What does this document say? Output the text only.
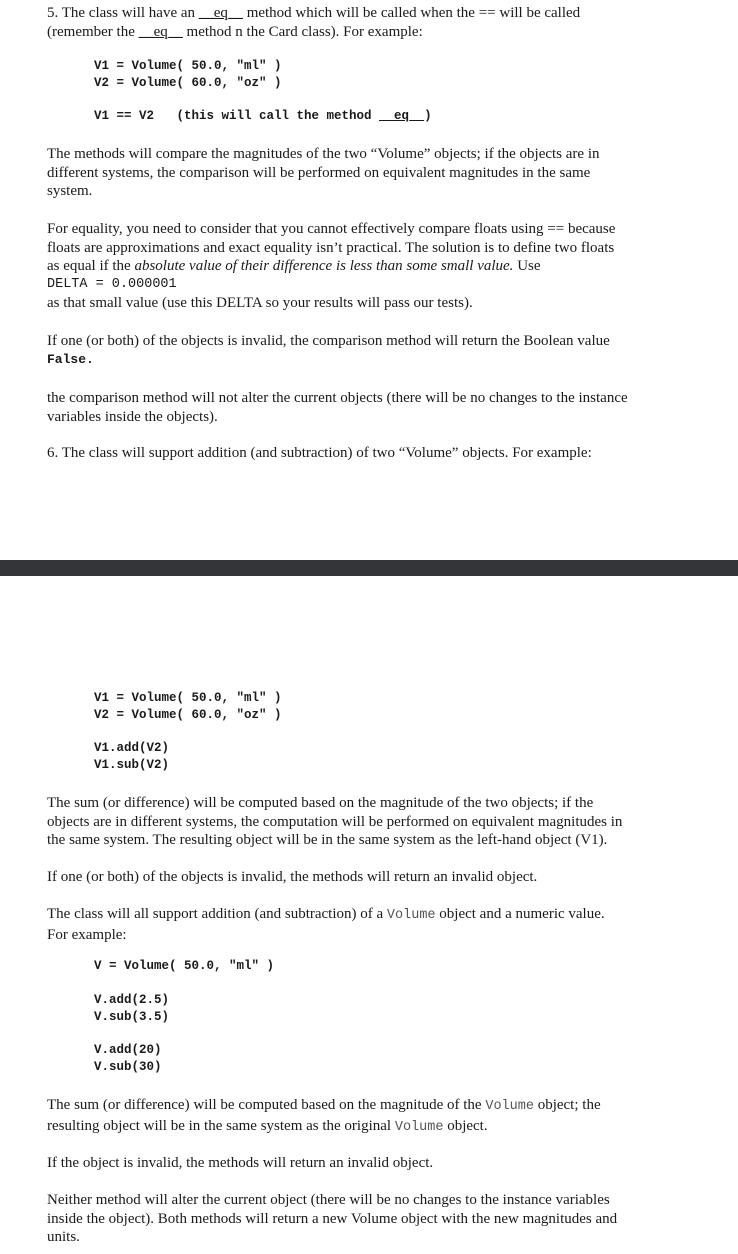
5. The class will have an __eq__ method which will be called when the == will be called
(remember the __eq__ method n the Card class). For example:
V1 = Volume( 50.0, "ml" )
V2 = Volume( 60.0, "oz" )
V1 == V2   (this will call the method __eq__)
The methods will compare the magnitudes of the two “Volume” objects; if the objects are in
different systems, the comparison will be performed on equivalent magnitudes in the same
system.
For equality, you need to consider that you cannot effectively compare floats using == because
floats are approximations and exact equality isn’t practical. The solution is to define two floats
as equal if the absolute value of their difference is less than some small value. Use
DELTA = 0.000001
as that small value (use this DELTA so your results will pass our tests).
If one (or both) of the objects is invalid, the comparison method will return the Boolean value
False.
the comparison method will not alter the current objects (there will be no changes to the instance
variables inside the objects).
6. The class will support addition (and subtraction) of two “Volume” objects. For example:
V1 = Volume( 50.0, "ml" )
V2 = Volume( 60.0, "oz" )
V1.add(V2)
V1.sub(V2)
The sum (or difference) will be computed based on the magnitude of the two objects; if the
objects are in different systems, the computation will be performed on equivalent magnitudes in
the same system. The resulting object will be in the same system as the left-hand object (V1).
If one (or both) of the objects is invalid, the methods will return an invalid object.
The class will all support addition (and subtraction) of a Volume object and a numeric value.
For example:
V = Volume( 50.0, "ml" )
V.add(2.5)
V.sub(3.5)
V.add(20)
V.sub(30)
The sum (or difference) will be computed based on the magnitude of the Volume object; the
resulting object will be in the same system as the original Volume object.
If the object is invalid, the methods will return an invalid object.
Neither method will alter the current object (there will be no changes to the instance variables
inside the object). Both methods will return a new Volume object with the new magnitudes and
units.
